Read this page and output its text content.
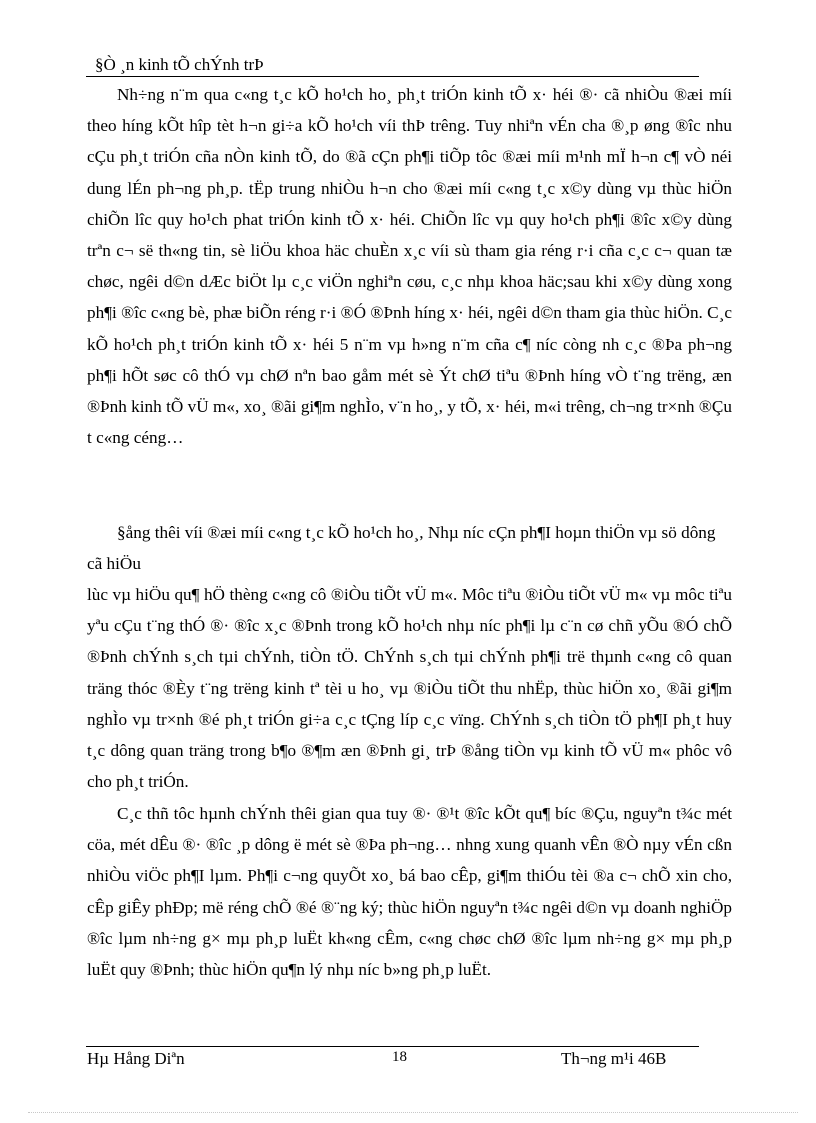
§Ò ¸n kinh tÕ chÝnh trÞ
Nh÷ng n¨m qua c«ng t¸c kÕ ho¹ch ho¸ ph¸t triÓn kinh tÕ x· héi ®· cã nhiÒu ®æi míi theo híng kÕt hîp tèt h¬n gi÷a kÕ ho¹ch víi thÞ trêng. Tuy nhiªn vÉn cha ®¸p øng ®îc nhu cÇu ph¸t triÓn cña nÒn kinh tÕ, do ®ã cÇn ph¶i tiÕp tôc ®æi míi m¹nh mÏ h¬n c¶ vÒ néi dung lÉn ph¬ng ph¸p. tËp trung nhiÒu h¬n cho ®æi míi c«ng t¸c x©y dùng vµ thùc hiÖn chiÕn lîc quy ho¹ch phat triÓn kinh tÕ x· héi. ChiÕn lîc vµ quy ho¹ch ph¶i ®îc x©y dùng trªn c¬ së th«ng tin, sè liÖu khoa häc chuÈn x¸c víi sù tham gia réng r·i cña c¸c c¬ quan tæ chøc, ngêi d©n dÆc biÖt lµ c¸c viÖn nghiªn cøu, c¸c nhµ khoa häc;sau khi x©y dùng xong ph¶i ®îc c«ng bè, phæ biÕn réng r·i ®Ó ®Þnh híng x· héi, ngêi d©n tham gia thùc hiÖn. C¸c kÕ ho¹ch ph¸t triÓn kinh tÕ x· héi 5 n¨m vµ h»ng n¨m cña c¶ níc còng nh c¸c ®Þa ph¬ng ph¶i hÕt søc cô thÓ vµ chØ nªn bao gåm mét sè Ýt chØ tiªu ®Þnh híng vÒ t¨ng trëng, æn ®Þnh kinh tÕ vÜ m«, xo¸ ®ãi gi¶m nghÌo, v¨n ho¸, y tÕ, x· héi, m«i trêng, ch¬ng tr×nh ®Çu t c«ng céng…
§ång thêi víi ®æi míi c«ng t¸c kÕ ho¹ch ho¸, Nhµ níc cÇn ph¶I hoµn thiÖn vµ sö dông cã hiÖu
lùc vµ hiÖu qu¶ hÖ thèng c«ng cô ®iÒu tiÕt vÜ m«. Môc tiªu ®iÒu tiÕt vÜ m« vµ môc tiªu yªu cÇu t¨ng thÓ ®· ®îc x¸c ®Þnh trong kÕ ho¹ch nhµ níc ph¶i lµ c¨n cø chñ yÕu ®Ó chÕ ®Þnh chÝnh s¸ch tµi chÝnh, tiÒn tÖ. ChÝnh s¸ch tµi chÝnh ph¶i trë thµnh c«ng cô quan träng thóc ®Èy t¨ng trëng kinh tª tèi u ho¸ vµ ®iÒu tiÕt thu nhËp, thùc hiÖn xo¸ ®ãi gi¶m nghÌo vµ tr×nh ®é ph¸t triÓn gi÷a c¸c tÇng líp c¸c vïng. ChÝnh s¸ch tiÒn tÖ ph¶I ph¸t huy t¸c dông quan träng trong b¶o ®¶m æn ®Þnh gi¸ trÞ ®ång tiÒn vµ kinh tÕ vÜ m« phôc vô cho ph¸t triÓn.
C¸c thñ tôc hµnh chÝnh thêi gian qua tuy ®· ®¹t ®îc kÕt qu¶ bíc ®Çu, nguyªn t¾c mét cöa, mét dÊu ®· ®îc ¸p dông ë mét sè ®Þa ph¬ng… nhng xung quanh vÊn ®Ò nµy vÉn cßn nhiÒu viÖc ph¶I lµm. Ph¶i c¬ng quyÕt xo¸ bá bao cÊp, gi¶m thiÓu tèi ®a c¬ chÕ xin cho, cÊp giÊy phÐp; më réng chÕ ®é ®¨ng ký; thùc hiÖn nguyªn t¾c ngêi d©n vµ doanh nghiÖp ®îc lµm nh÷ng g× mµ ph¸p luËt kh«ng cÊm, c«ng chøc chØ ®îc lµm nh÷ng g× mµ ph¸p luËt quy ®Þnh; thùc hiÖn qu¶n lý nhµ níc b»ng ph¸p luËt.
Hµ Hång Diªn	18	Th¬ng m¹i 46B
